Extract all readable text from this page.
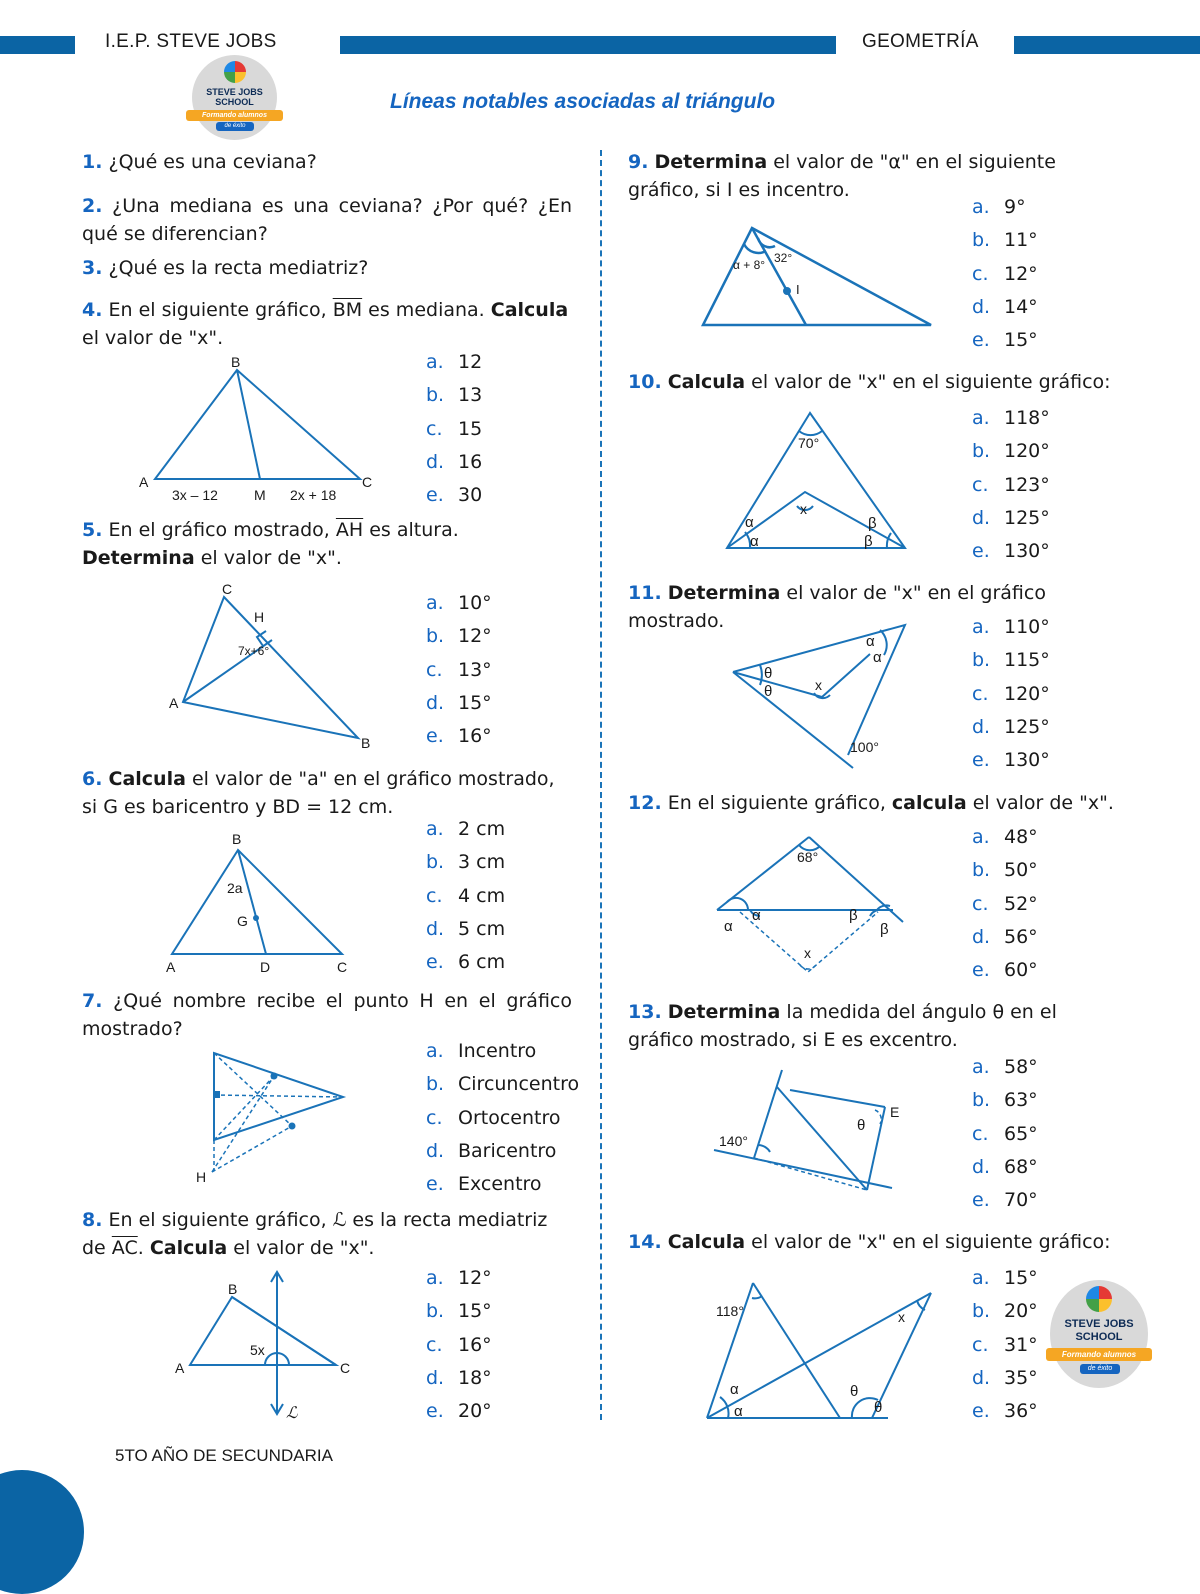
I.E.P. STEVE JOBS	GEOMETRÍA
STEVE JOBS
SCHOOL
Formando alumnos
de éxito
Líneas notables asociadas al triángulo
1. ¿Qué es una ceviana?
2. ¿Una mediana es una ceviana? ¿Por qué? ¿En qué se diferencian?
3. ¿Qué es la recta mediatriz?
4. En el siguiente gráfico, $\overline{BM}$ es mediana. Calcula el valor de "x".
B
A	C
M
3x – 12	2x + 18
a. 12
b. 13
c. 15
d. 16
e. 30
5. En el gráfico mostrado, $\overline{AH}$ es altura. Determina el valor de "x".
C
H
A
B
7x+6°
a. 10°
b. 12°
c. 13°
d. 15°
e. 16°
6. Calcula el valor de "a" en el gráfico mostrado, si G es baricentro y BD = 12 cm.
B
A	D	C
G
2a
a. 2 cm
b. 3 cm
c. 4 cm
d. 5 cm
e. 6 cm
7. ¿Qué nombre recibe el punto H en el gráfico mostrado?
H
a. Incentro
b. Circuncentro
c. Ortocentro
d. Baricentro
e. Excentro
8. En el siguiente gráfico, ℒ es la recta mediatriz de $\overline{AC}$. Calcula el valor de "x".
B
A	C
5x
ℒ
a. 12°
b. 15°
c. 16°
d. 18°
e. 20°
9. Determina el valor de "α" en el siguiente gráfico, si I es incentro.
α + 8° 32°
I
a. 9°
b. 11°
c. 12°
d. 14°
e. 15°
10. Calcula el valor de "x" en el siguiente gráfico:
70°
x
α
α
β
β
a. 118°
b. 120°
c. 123°
d. 125°
e. 130°
11. Determina el valor de "x" en el gráfico mostrado.
α
α
θ
θ	x
100°
a. 110°
b. 115°
c. 120°
d. 125°
e. 130°
12. En el siguiente gráfico, calcula el valor de "x".
68°
α
α	β
β
x
a. 48°
b. 50°
c. 52°
d. 56°
e. 60°
13. Determina la medida del ángulo θ en el gráfico mostrado, si E es excentro.
140°
θ
E
a. 58°
b. 63°
c. 65°
d. 68°
e. 70°
14. Calcula el valor de "x" en el siguiente gráfico:
118°	x
α
α
θ
θ
a. 15°
b. 20°
c. 31°
d. 35°
e. 36°
STEVE JOBS
SCHOOL
Formando alumnos
de éxito
5TO AÑO DE SECUNDARIA
